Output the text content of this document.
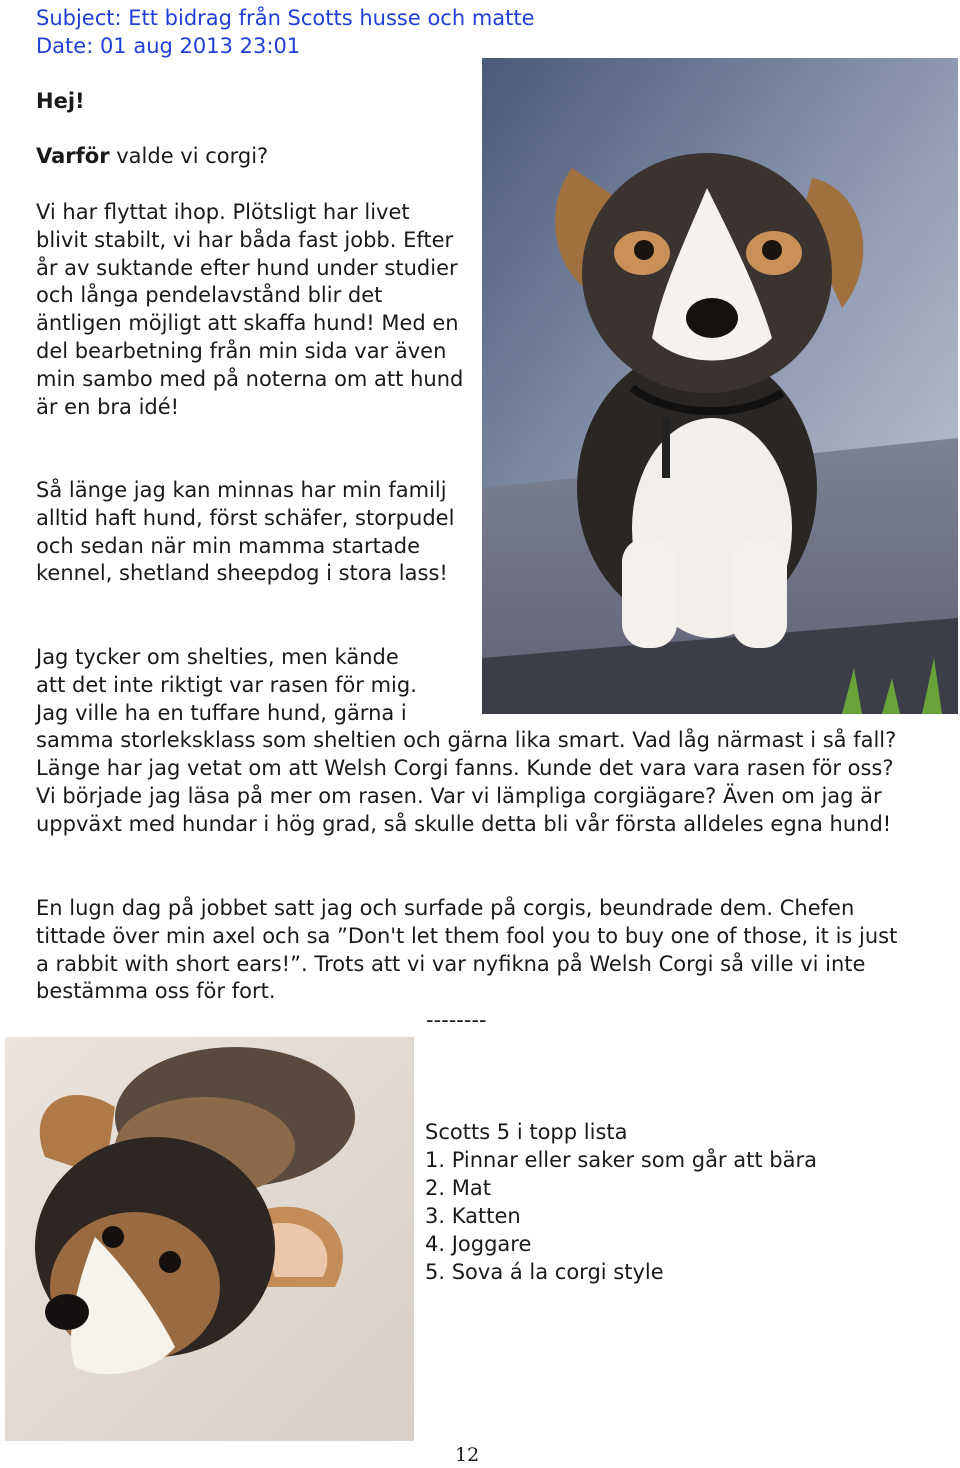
Subject: Ett bidrag från Scotts husse och matte
Date: 01 aug 2013 23:01

Hej!

Varför valde vi corgi?

Vi har flyttat ihop. Plötsligt har livet blivit stabilt, vi har båda fast jobb. Efter år av suktande efter hund under studier och långa pendelavstånd blir det äntligen möjligt att skaffa hund! Med en del bearbetning från min sida var även min sambo med på noterna om att hund är en bra idé!

Så länge jag kan minnas har min familj alltid haft hund, först schäfer, storpudel och sedan när min mamma startade kennel, shetland sheepdog i stora lass!

Jag tycker om shelties, men kände
att det inte riktigt var rasen för mig.
Jag ville ha en tuffare hund, gärna i
samma storleksklass som sheltien och gärna lika smart. Vad låg närmast i så fall? Länge har jag vetat om att Welsh Corgi fanns. Kunde det vara vara rasen för oss? Vi började jag läsa på mer om rasen. Var vi lämpliga corgiägare? Även om jag är uppväxt med hundar i hög grad, så skulle detta bli vår första alldeles egna hund!

En lugn dag på jobbet satt jag och surfade på corgis, beundrade dem. Chefen tittade över min axel och sa ”Don't let them fool you to buy one of those, it is just a rabbit with short ears!”. Trots att vi var nyfikna på Welsh Corgi så ville vi inte bestämma oss för fort.

--------
Scotts 5 i topp lista
1. Pinnar eller saker som går att bära
2. Mat
3. Katten
4. Joggare
5. Sova á la corgi style
12
